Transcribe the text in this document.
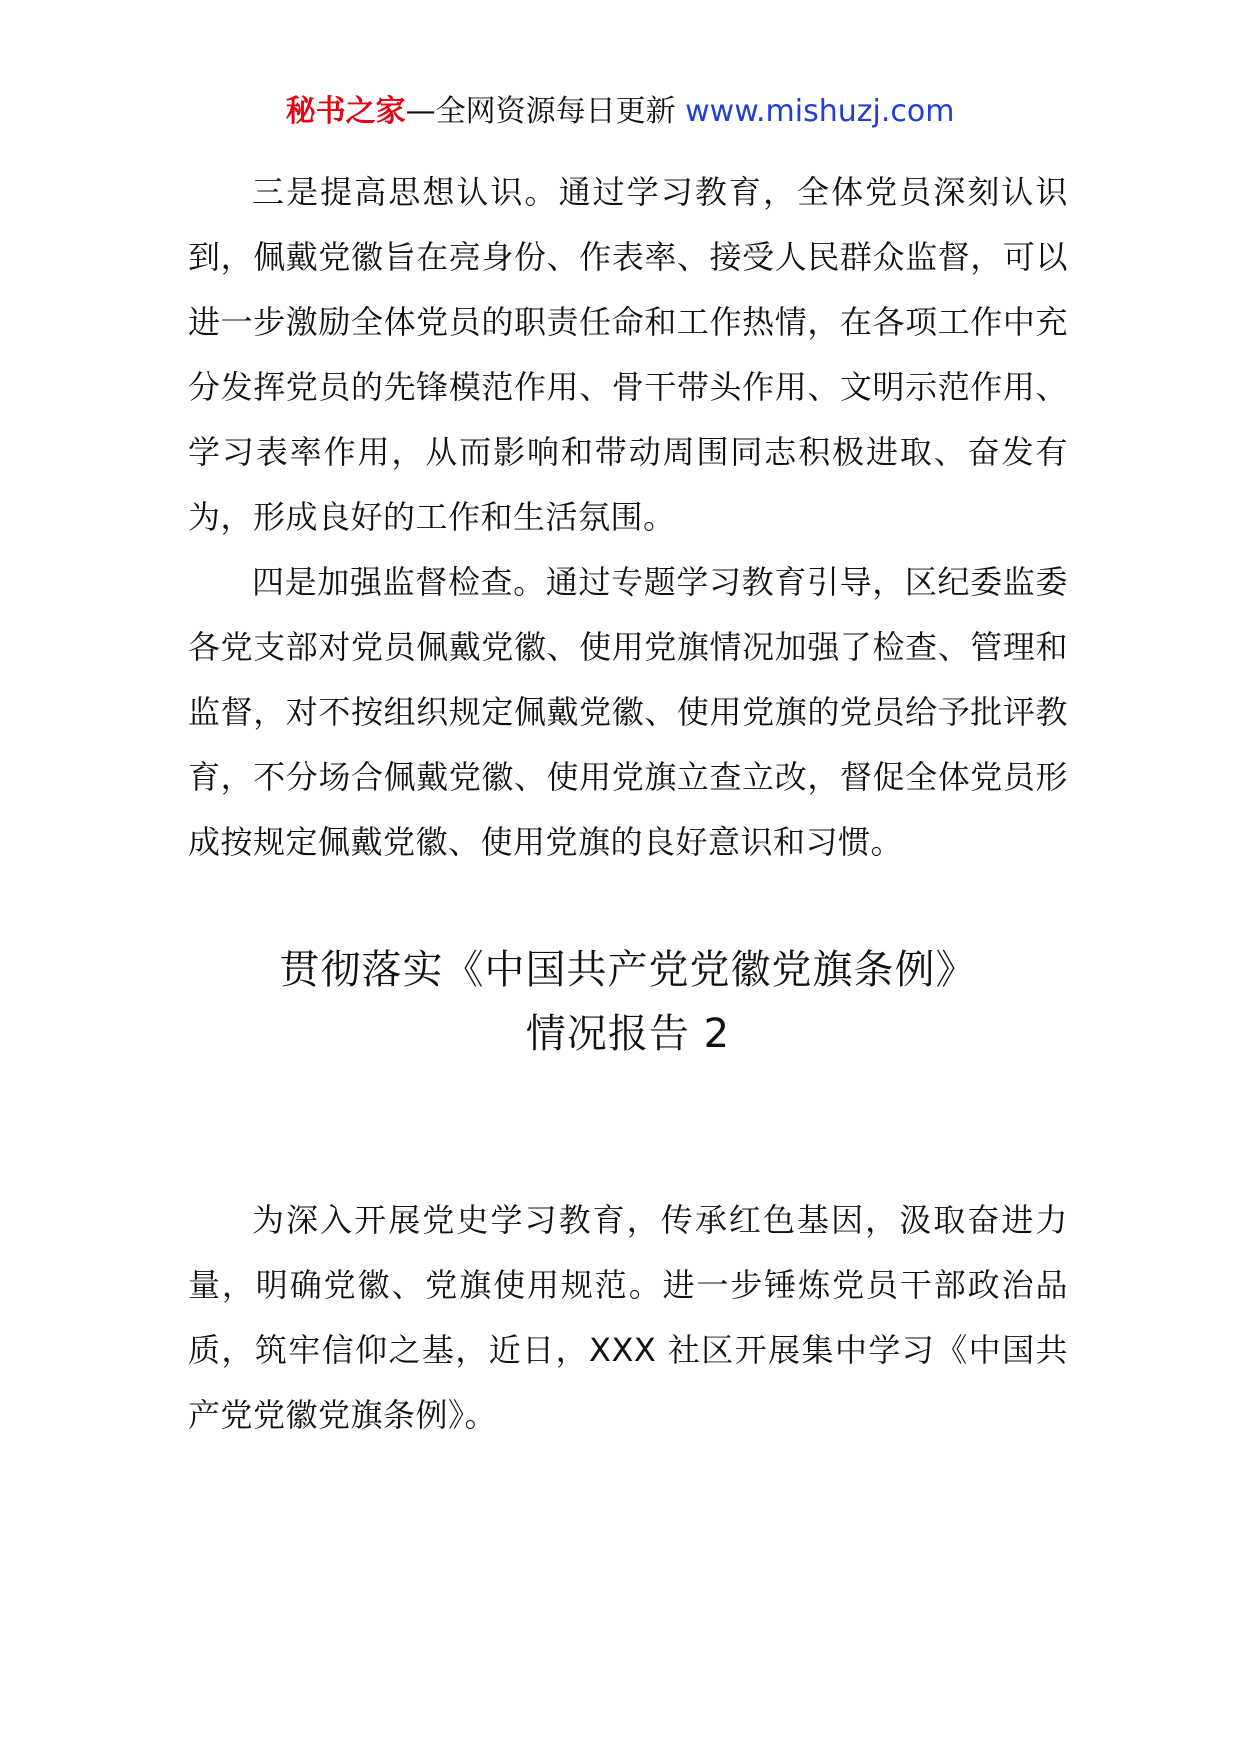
秘书之家—全网资源每日更新 www.mishuzj.com

三是提高思想认识。通过学习教育，全体党员深刻认识到，佩戴党徽旨在亮身份、作表率、接受人民群众监督，可以进一步激励全体党员的职责任命和工作热情，在各项工作中充分发挥党员的先锋模范作用、骨干带头作用、文明示范作用、学习表率作用，从而影响和带动周围同志积极进取、奋发有为，形成良好的工作和生活氛围。

四是加强监督检查。通过专题学习教育引导，区纪委监委各党支部对党员佩戴党徽、使用党旗情况加强了检查、管理和监督，对不按组织规定佩戴党徽、使用党旗的党员给予批评教育，不分场合佩戴党徽、使用党旗立查立改，督促全体党员形成按规定佩戴党徽、使用党旗的良好意识和习惯。

贯彻落实《中国共产党党徽党旗条例》
情况报告 2

为深入开展党史学习教育，传承红色基因，汲取奋进力量，明确党徽、党旗使用规范。进一步锤炼党员干部政治品质，筑牢信仰之基，近日，XXX 社区开展集中学习《中国共产党党徽党旗条例》。
